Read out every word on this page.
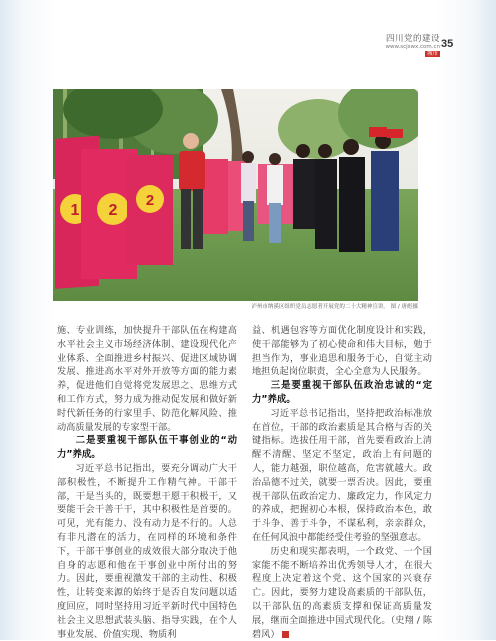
四川党的建设
www.scjswx.com.cn 城市
35
1 2
2
泸州市纳溪区组织党员志愿者开展党的二十大精神宣讲。 图 / 唐彪摄

施、专业训练，加快提升干部队伍在构建高水平社会主义市场经济体制、建设现代化产业体系、全面推进乡村振兴、促进区域协调发展、推进高水平对外开放等方面的能力素养，促进他们自觉将党发展思之、思维方式和工作方式，努力成为推动促发展和做好新时代新任务的行家里手、防范化解风险、推动高质量发展的专家型干部。

二是要重视干部队伍干事创业的“动力”养成。

习近平总书记指出，要充分调动广大干部积极性，不断提升工作精气神。干部干部，干是当头的，既要想干愿干积极干，又要能干会干善干干，其中积极性是首要的。可见，光有能力、没有动力是不行的。人总有非凡潜在的活力，在同样的环境和条件下，干部干事创业的成效很大部分取决于他自身的志愿和他在干事创业中所付出的努力。因此，要重视激发干部的主动性、积极性，让转变来源的始终于是否自发问题以适度回应，同时坚持用习近平新时代中国特色社会主义思想武装头脑、指导实践，在个人事业发展、价值实现、物质利

益、机遇包容等方面优化制度设计和实践，使干部能够为了初心使命和伟大目标，勉于担当作为，事业追思和服务于心，自觉主动地担负起岗位职责，全心全意为人民服务。

三是要重视干部队伍政治忠诚的“定力”养成。

习近平总书记指出，坚持把政治标准放在首位，干部的政治素质是其合格与否的关键指标。选拔任用干部，首先要看政治上清醒不清醒、坚定不坚定，政治上有问题的人，能力越强，职位越高，危害就越大。政治品德不过关，就要一票否决。因此，要重视干部队伍政治定力、廉政定力，作风定力的养成，把握初心本根，保持政治本色，敢于斗争、善于斗争，不谋私利，亲亲群众，在任何风浪中都能经受住考验的坚强意志。

历史和现实都表明，一个政党、一个国家能不能不断培养出优秀领导人才，在很大程度上决定着这个党、这个国家的兴衰存亡。因此，要努力建设高素质的干部队伍，以干部队伍的高素质支撑和保证高质量发展，继而全面推进中国式现代化。（史翔 / 陈碧风）
